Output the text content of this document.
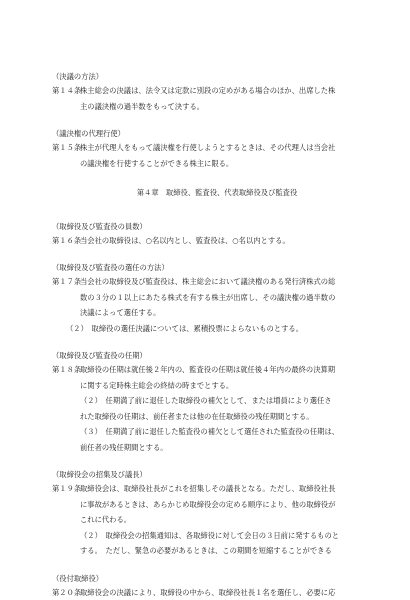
（決議の方法）

第１４条
株主総会の決議は、法令又は定款に別段の定めがある場合のほか、出席した株
主の議決権の過半数をもって決する。

（議決権の代理行使）

第１５条
株主が代理人をもって議決権を行使しようとするときは、その代理人は当会社
の議決権を行使することができる株主に限る。

第４章　取締役、監査役、代表取締役及び監査役

（取締役及び監査役の員数）

第１６条
当会社の取締役は、○名以内とし、監査役は、○名以内とする。

（取締役及び監査役の選任の方法）

第１７条
当会社の取締役及び監査役は、株主総会において議決権のある発行済株式の総
数の３分の１以上にあたる株式を有する株主が出席し、その議決権の過半数の
決議によって選任する。
（２）　取締役の選任決議については、累積投票によらないものとする。

（取締役及び監査役の任期）

第１８条
取締役の任期は就任後２年内の、監査役の任期は就任後４年内の最終の決算期
に関する定時株主総会の終結の時までとする。
（２）　任期満了前に退任した取締役の補欠として、または増員により選任さ
れた取締役の任期は、前任者または他の在任取締役の残任期間とする。
（３）　任期満了前に退任した監査役の補欠として選任された監査役の任期は、
前任者の残任期間とする。

（取締役会の招集及び議長）

第１９条
取締役会は、取締役社長がこれを招集しその議長となる。ただし、取締役社長
に事故があるときは、あらかじめ取締役会の定める順序により、他の取締役が
これに代わる。
（２）　取締役会の招集通知は、各取締役に対して会日の３日前に発するものと
する。　ただし、緊急の必要があるときは、この期間を短縮することができる

（役付取締役）

第２０条
取締役会の決議により、取締役の中から、取締役社長１名を選任し、必要に応
